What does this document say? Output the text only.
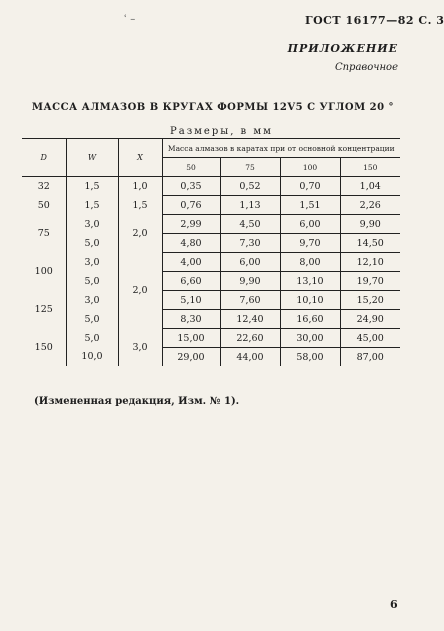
ʿ –	ГОСТ 16177—82 С. 3
ПРИЛОЖЕНИЕ
Справочное
МАССА АЛМАЗОВ В КРУГАХ ФОРМЫ 12V5 С УГЛОМ 20 °
Размеры, в мм
D	W	X	Масса алмазов в каратах при от основной концентрации			
			50	75	100	150
32	1,5	1,0	0,35	0,52	0,70	1,04
50	1,5	1,5	0,76	1,13	1,51	2,26
75	3,0	2,0	2,99	4,50	6,00	9,90
	5,0		4,80	7,30	9,70	14,50
100	3,0	2,0	4,00	6,00	8,00	12,10
	5,0		6,60	9,90	13,10	19,70
125	3,0		5,10	7,60	10,10	15,20
	5,0		8,30	12,40	16,60	24,90
150	5,0	3,0	15,00	22,60	30,00	45,00
	10,0		29,00	44,00	58,00	87,00
(Измененная редакция, Изм. № 1).
6
